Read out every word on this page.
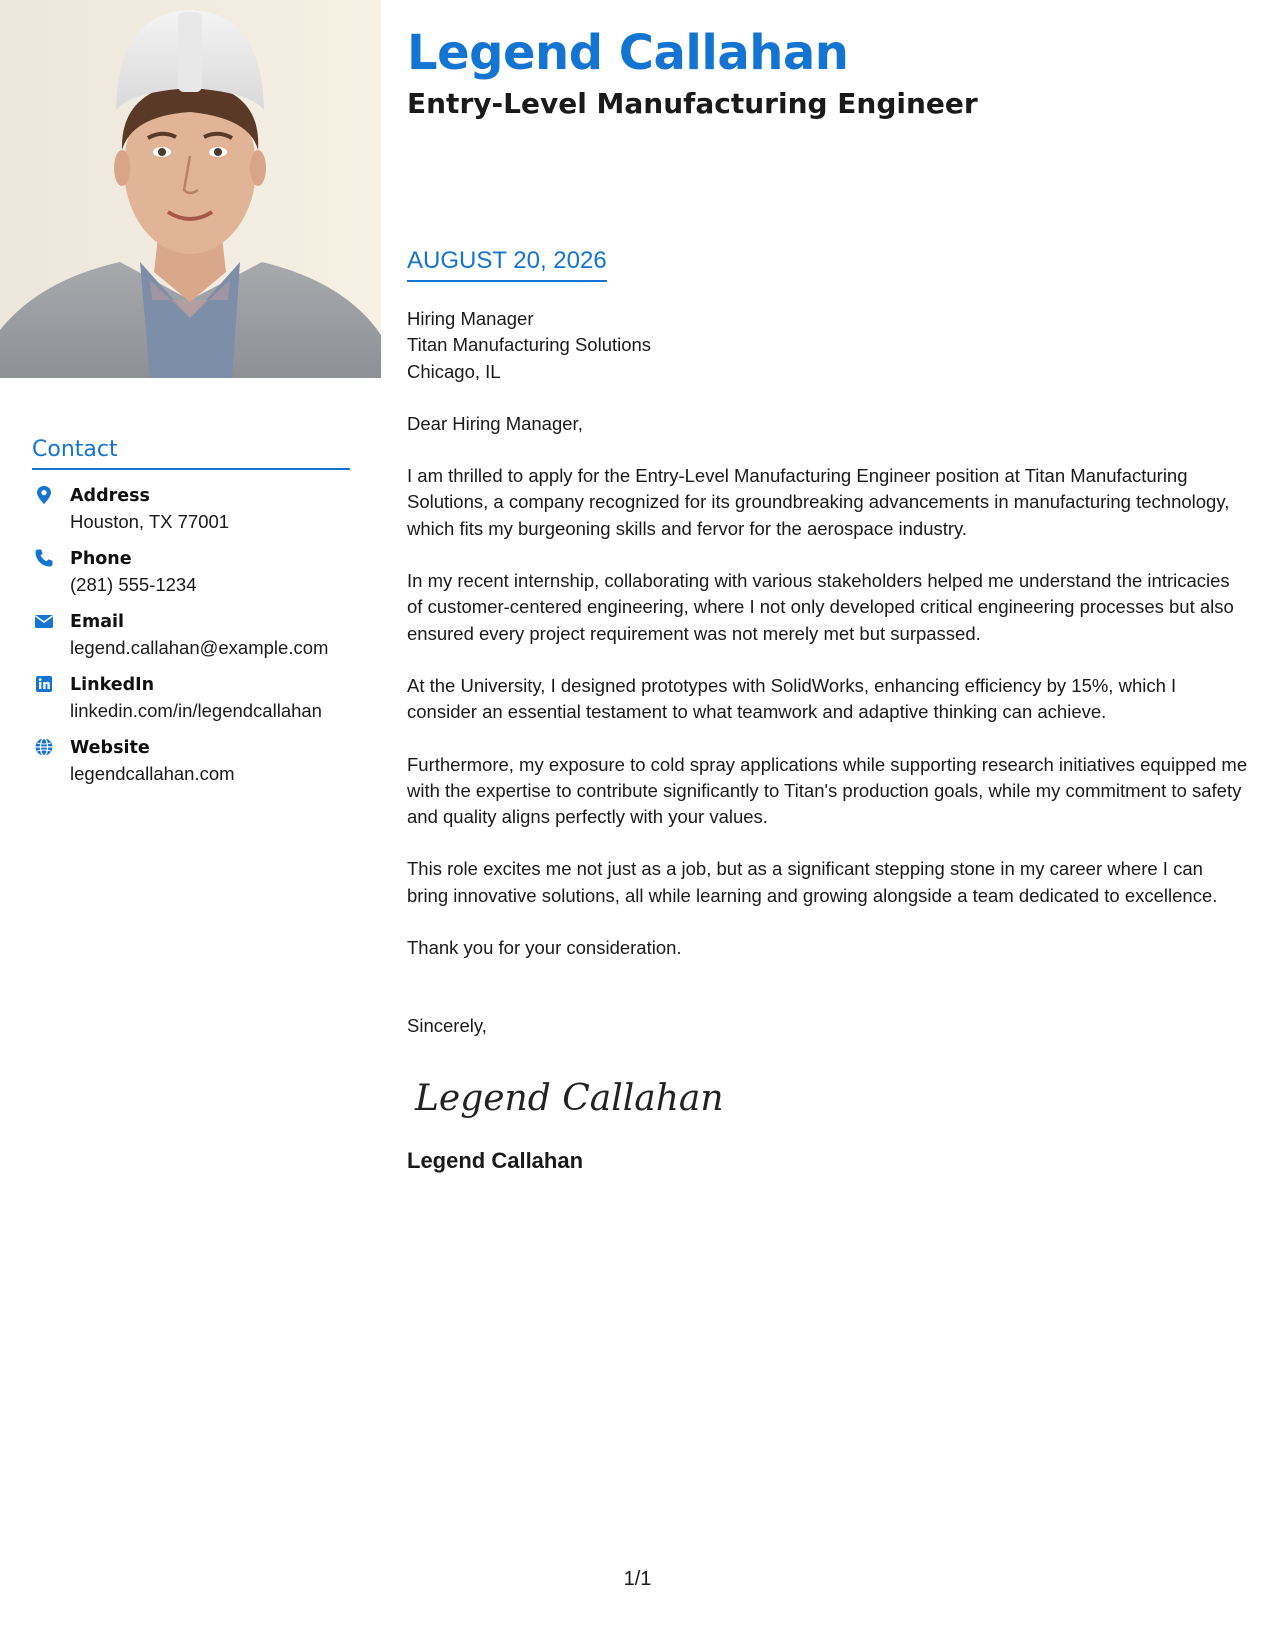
Contact
Address
Houston, TX 77001
Phone
(281) 555-1234
Email
legend.callahan@example.com
LinkedIn
linkedin.com/in/legendcallahan
Website
legendcallahan.com
Legend Callahan
Entry-Level Manufacturing Engineer
AUGUST 20, 2026

Hiring Manager
Titan Manufacturing Solutions
Chicago, IL

Dear Hiring Manager,

I am thrilled to apply for the Entry-Level Manufacturing Engineer position at Titan Manufacturing Solutions, a company recognized for its groundbreaking advancements in manufacturing technology, which fits my burgeoning skills and fervor for the aerospace industry.

In my recent internship, collaborating with various stakeholders helped me understand the intricacies of customer-centered engineering, where I not only developed critical engineering processes but also ensured every project requirement was not merely met but surpassed.

At the University, I designed prototypes with SolidWorks, enhancing efficiency by 15%, which I consider an essential testament to what teamwork and adaptive thinking can achieve.

Furthermore, my exposure to cold spray applications while supporting research initiatives equipped me with the expertise to contribute significantly to Titan's production goals, while my commitment to safety and quality aligns perfectly with your values.

This role excites me not just as a job, but as a significant stepping stone in my career where I can bring innovative solutions, all while learning and growing alongside a team dedicated to excellence.

Thank you for your consideration.

Sincerely,

Legend Callahan

Legend Callahan

1/1
